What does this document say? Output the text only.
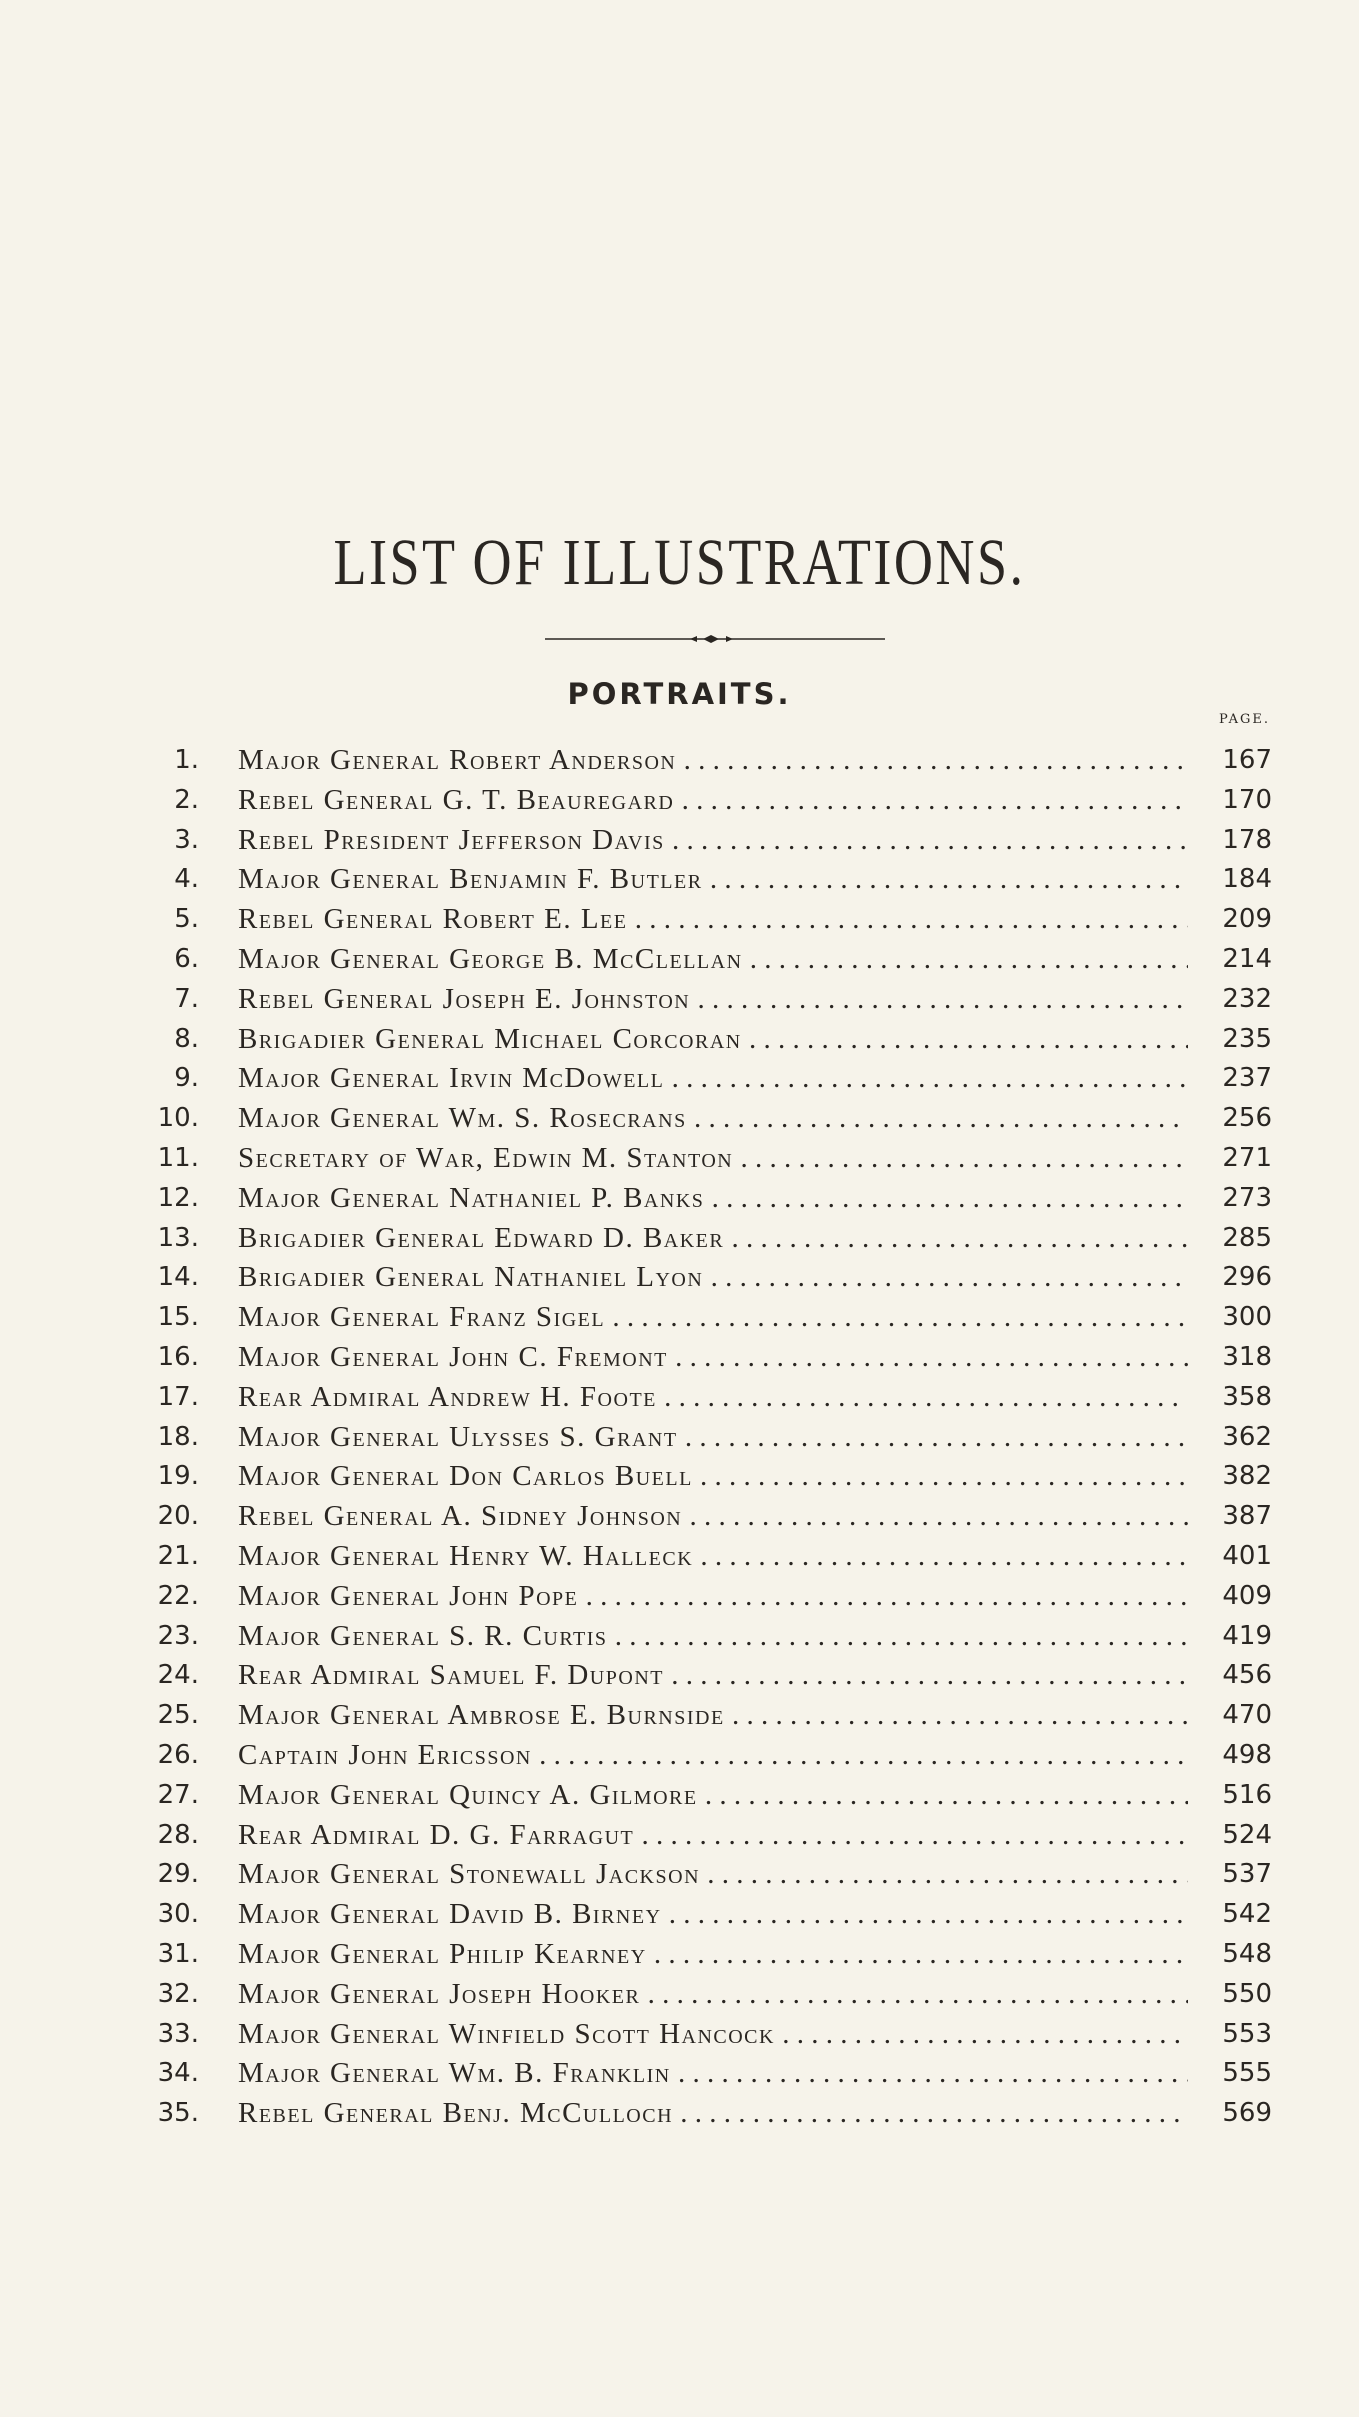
LIST OF ILLUSTRATIONS.
PORTRAITS.
PAGE.
1. Major General Robert Anderson . . .	167
2. Rebel General G. T. Beauregard . . .	170
3. Rebel President Jefferson Davis . . .	178
4. Major General Benjamin F. Butler . . .	184
5. Rebel General Robert E. Lee . . .	209
6. Major General George B. McClellan . . .	214
7. Rebel General Joseph E. Johnston . . .	232
8. Brigadier General Michael Corcoran . . .	235
9. Major General Irvin McDowell . . .	237
10. Major General Wm. S. Rosecrans . . .	256
11. Secretary of War, Edwin M. Stanton . . .	271
12. Major General Nathaniel P. Banks . . .	273
13. Brigadier General Edward D. Baker . . .	285
14. Brigadier General Nathaniel Lyon . . .	296
15. Major General Franz Sigel . . .	300
16. Major General John C. Fremont . . .	318
17. Rear Admiral Andrew H. Foote . . .	358
18. Major General Ulysses S. Grant . . .	362
19. Major General Don Carlos Buell . . .	382
20. Rebel General A. Sidney Johnson . . .	387
21. Major General Henry W. Halleck . . .	401
22. Major General John Pope . . .	409
23. Major General S. R. Curtis . . .	419
24. Rear Admiral Samuel F. Dupont . . .	456
25. Major General Ambrose E. Burnside . . .	470
26. Captain John Ericsson . . .	498
27. Major General Quincy A. Gilmore . . .	516
28. Rear Admiral D. G. Farragut . . .	524
29. Major General Stonewall Jackson . . .	537
30. Major General David B. Birney . . .	542
31. Major General Philip Kearney . . .	548
32. Major General Joseph Hooker . . .	550
33. Major General Winfield Scott Hancock . . .	553
34. Major General Wm. B. Franklin . . .	555
35. Rebel General Benj. McCulloch . . .	569
